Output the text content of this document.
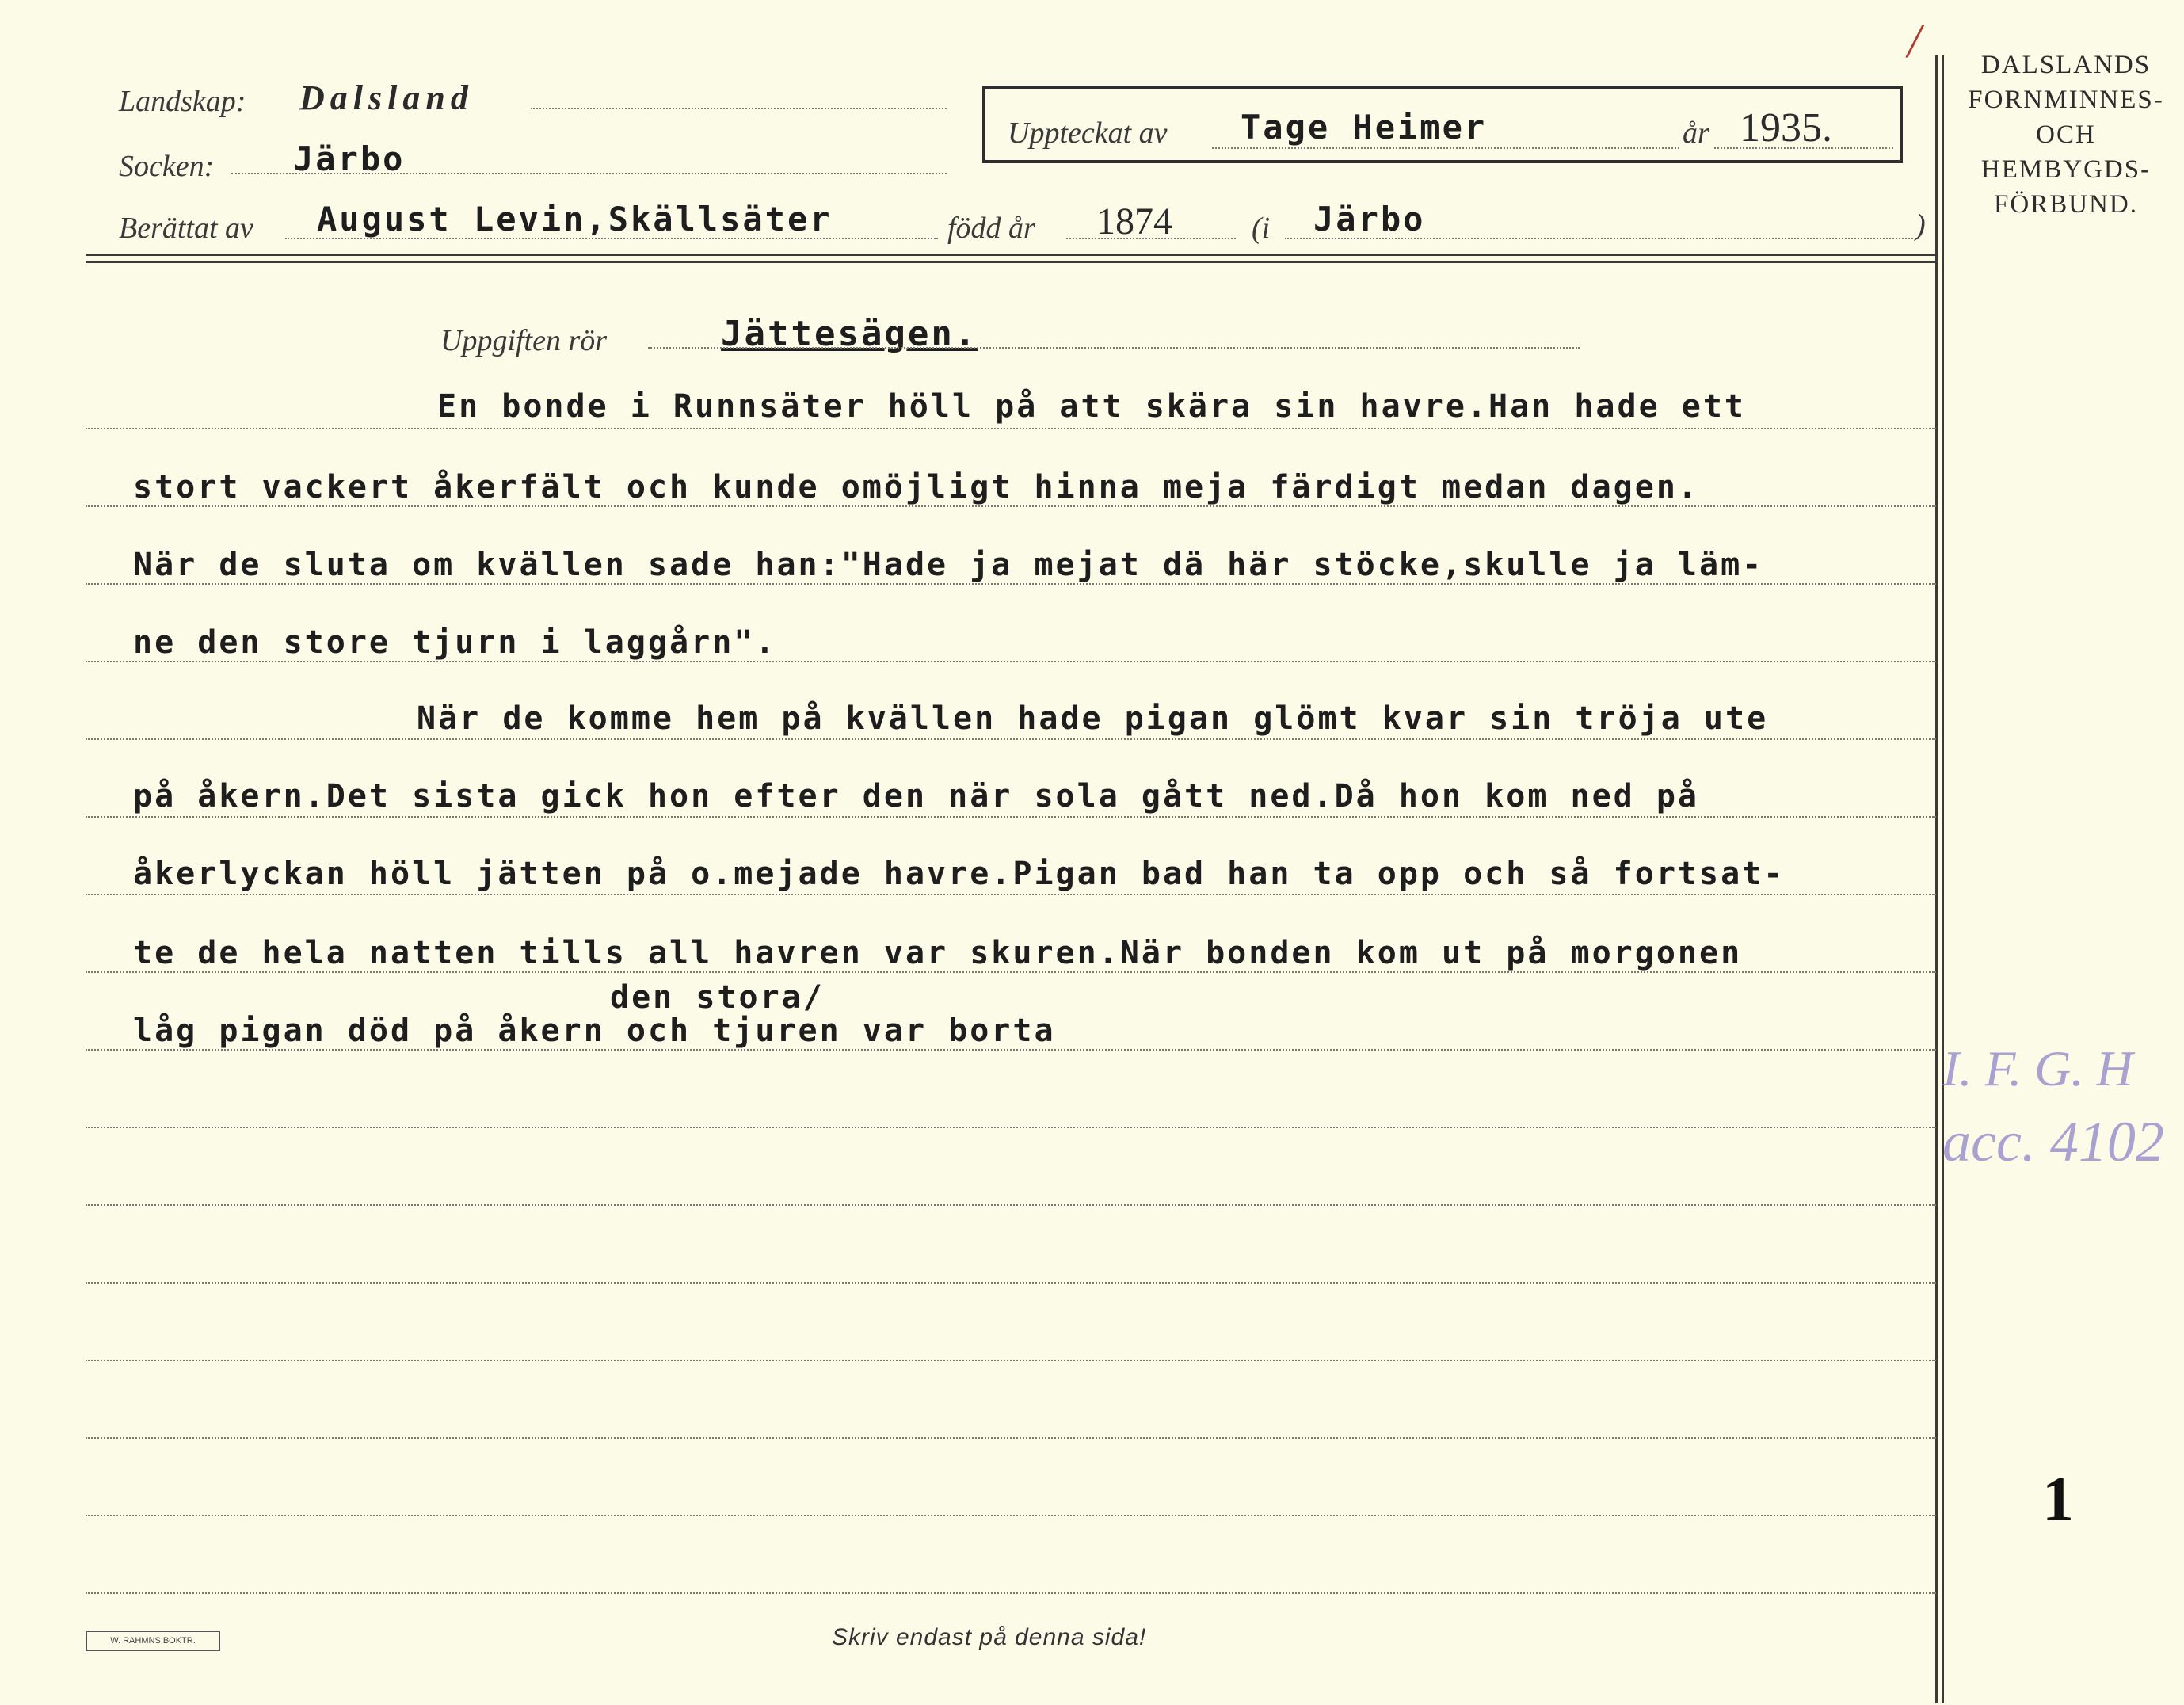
/
Landskap: Dalsland
Socken: Järbo
Uppteckat av Tage Heimer	år 1935.
Berättat av August Levin,Skällsäter	född år 1874	(i Järbo	)
DALSLANDS
FORNMINNES-
OCH
HEMBYGDS-
FÖRBUND.
Uppgiften rör	Jättesägen.
En bonde i Runnsäter höll på att skära sin havre.Han hade ett
stort vackert åkerfält och kunde omöjligt hinna meja färdigt medan dagen.
När de sluta om kvällen sade han:"Hade ja mejat dä här stöcke,skulle ja läm-
ne den store tjurn i laggårn".
När de komme hem på kvällen hade pigan glömt kvar sin tröja ute
på åkern.Det sista gick hon efter den när sola gått ned.Då hon kom ned på
åkerlyckan höll jätten på o.mejade havre.Pigan bad han ta opp och så fortsat-
te de hela natten tills all havren var skuren.När bonden kom ut på morgonen
den stora/
låg pigan död på åkern och tjuren var borta
I. F. G. H
acc. 4102
1
W. RAHMNS BOKTR.	Skriv endast på denna sida!
